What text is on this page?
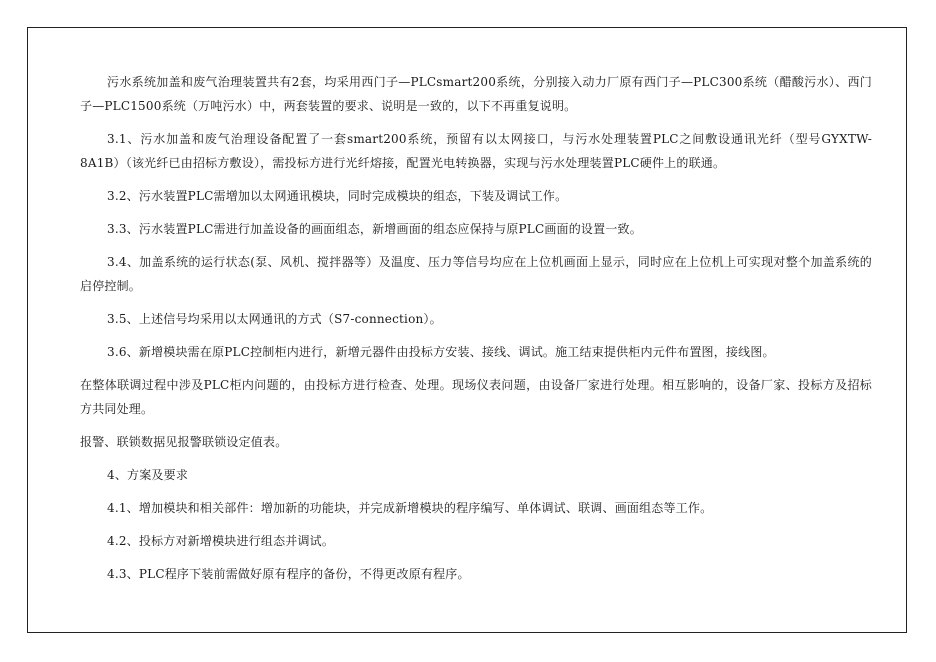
污水系统加盖和废气治理装置共有2套，均采用西门子—PLCsmart200系统，分别接入动力厂原有西门子—PLC300系统（醋酸污水）、西门子—PLC1500系统（万吨污水）中，两套装置的要求、说明是一致的，以下不再重复说明。

3.1、污水加盖和废气治理设备配置了一套smart200系统，预留有以太网接口，与污水处理装置PLC之间敷设通讯光纤（型号GYXTW-8A1B）（该光纤已由招标方敷设），需投标方进行光纤熔接，配置光电转换器，实现与污水处理装置PLC硬件上的联通。

3.2、污水装置PLC需增加以太网通讯模块，同时完成模块的组态，下装及调试工作。

3.3、污水装置PLC需进行加盖设备的画面组态，新增画面的组态应保持与原PLC画面的设置一致。

3.4、加盖系统的运行状态(泵、风机、搅拌器等）及温度、压力等信号均应在上位机画面上显示，同时应在上位机上可实现对整个加盖系统的启停控制。

3.5、上述信号均采用以太网通讯的方式（S7-connection）。

3.6、新增模块需在原PLC控制柜内进行，新增元器件由投标方安装、接线、调试。施工结束提供柜内元件布置图，接线图。

在整体联调过程中涉及PLC柜内问题的，由投标方进行检查、处理。现场仪表问题，由设备厂家进行处理。相互影响的，设备厂家、投标方及招标方共同处理。

报警、联锁数据见报警联锁设定值表。

4、方案及要求

4.1、增加模块和相关部件：增加新的功能块，并完成新增模块的程序编写、单体调试、联调、画面组态等工作。

4.2、投标方对新增模块进行组态并调试。

4.3、PLC程序下装前需做好原有程序的备份，不得更改原有程序。
